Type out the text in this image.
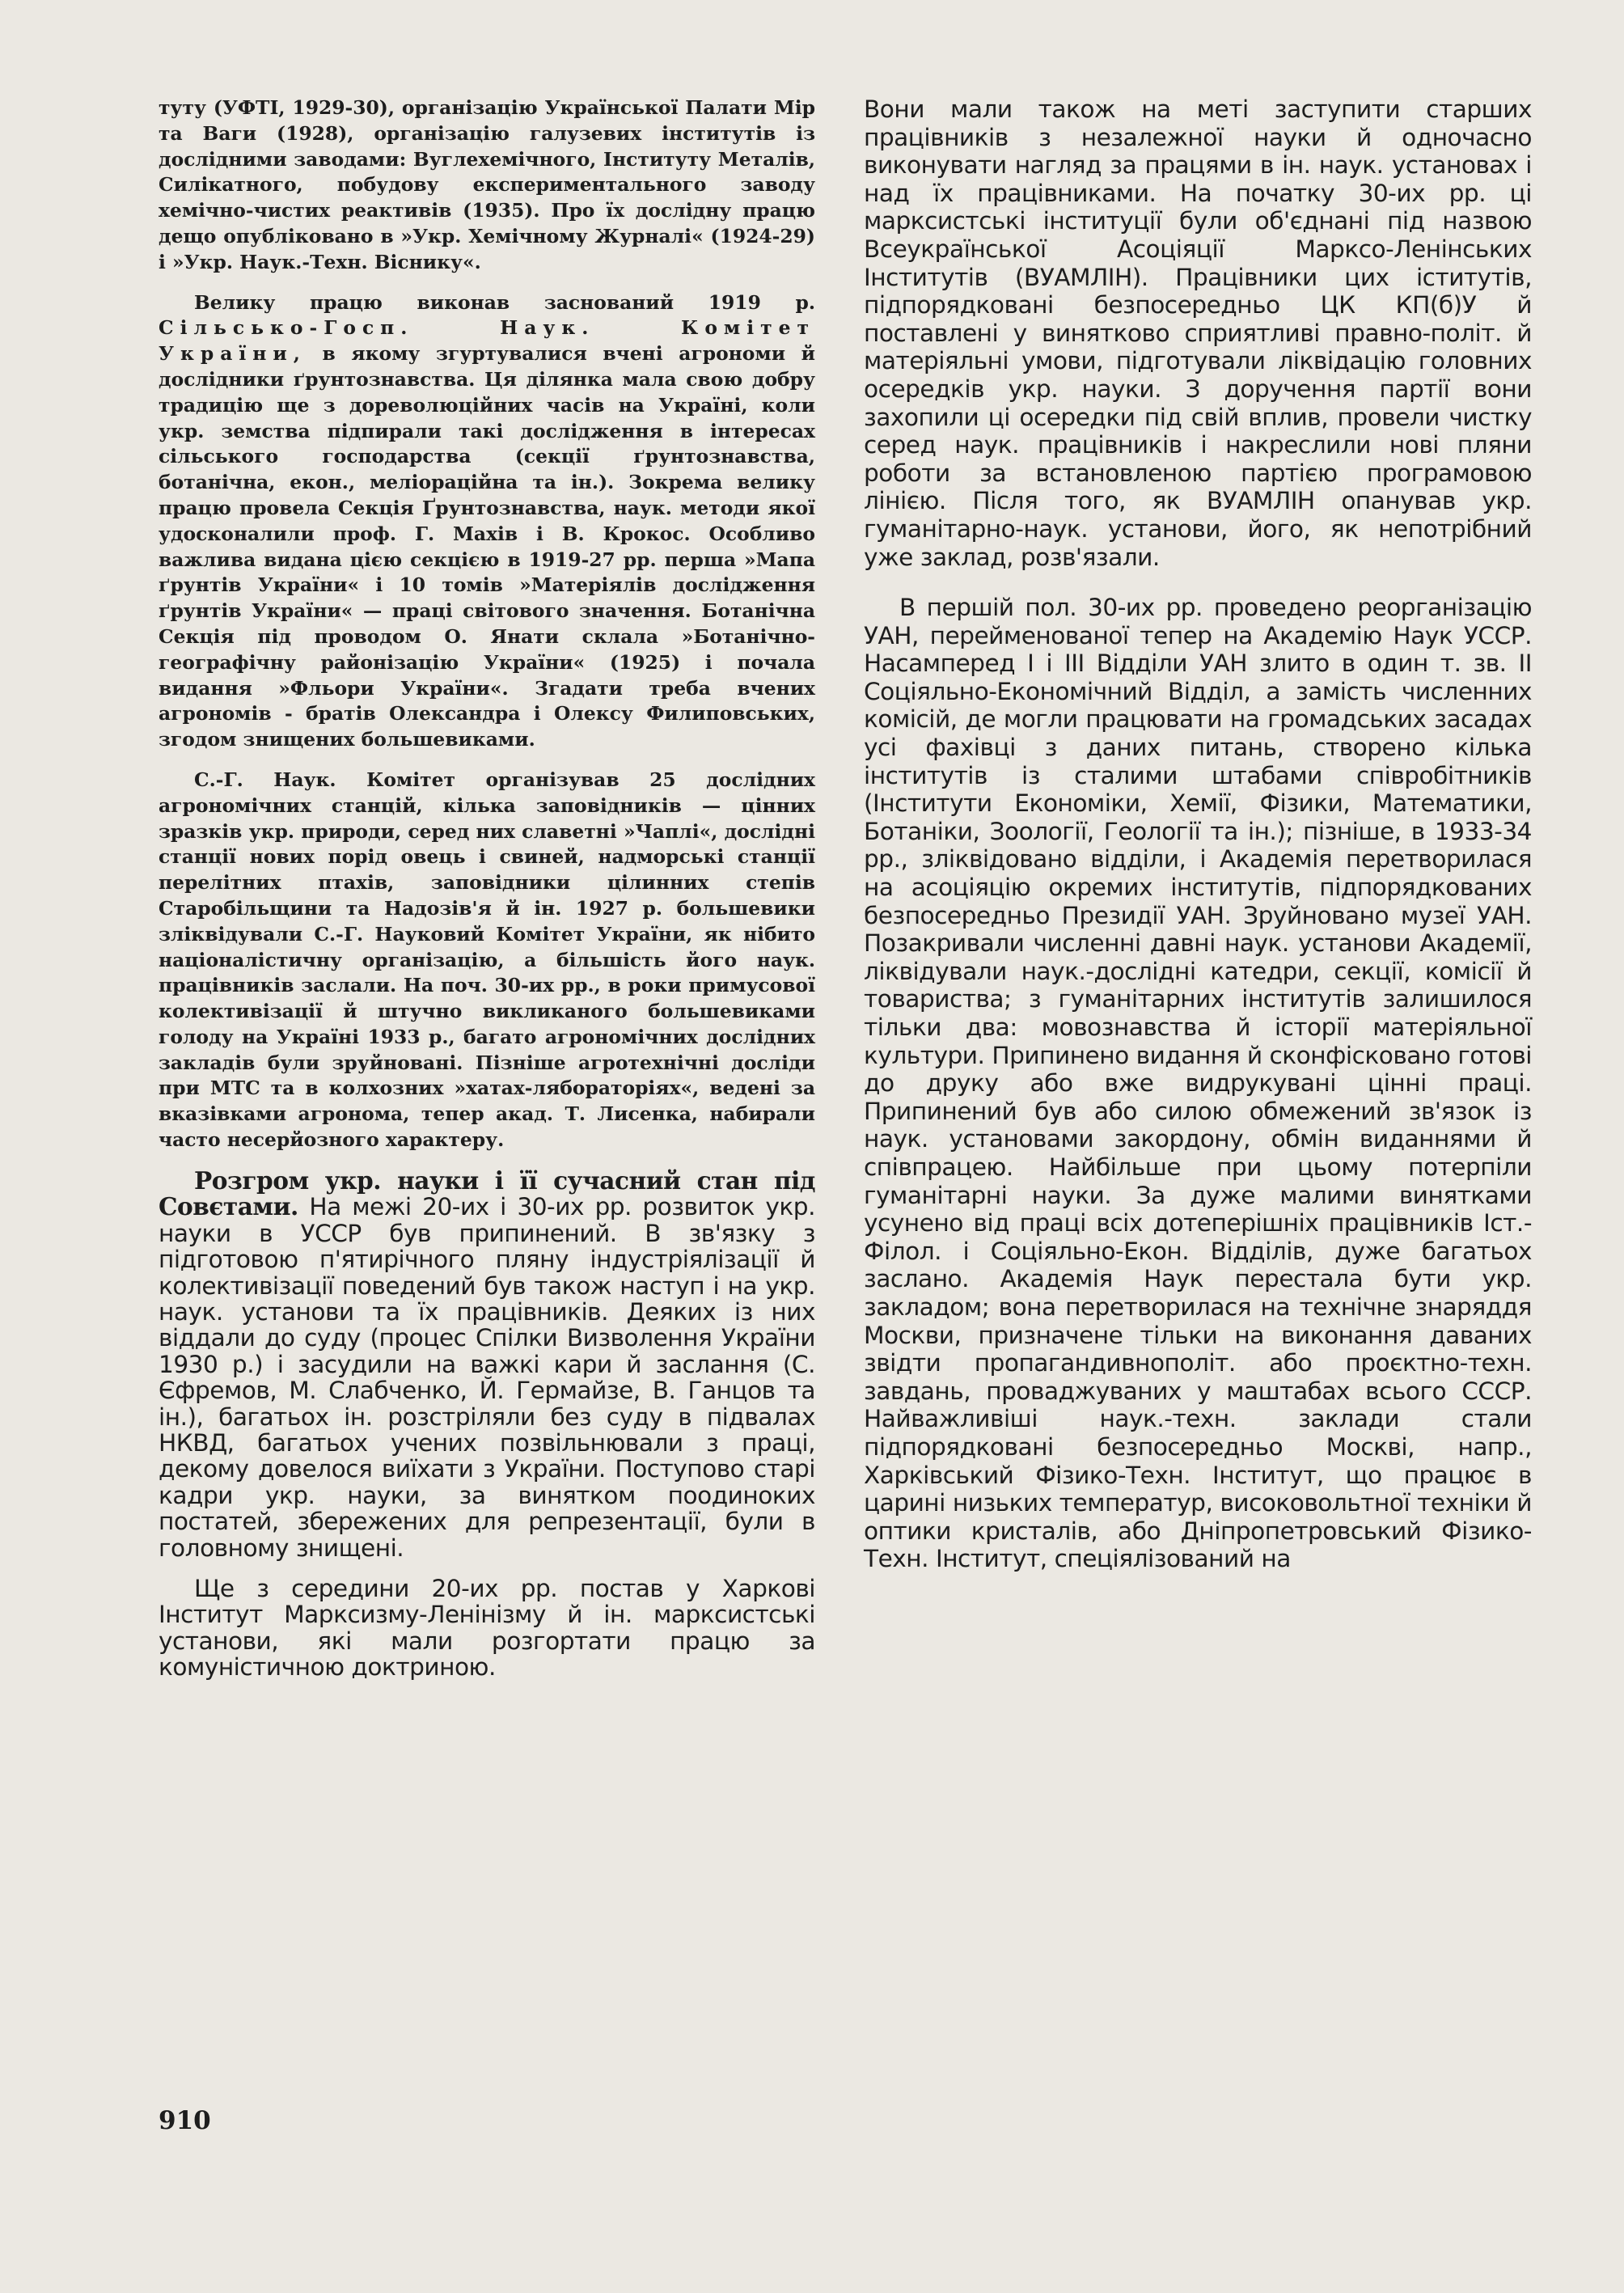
туту (УФТІ, 1929-30), організацію Української Палати Мір та Ваги (1928), організацію галузевих інститутів із дослідними заводами: Вуглехемічного, Інституту Металів, Силікатного, побудову експериментального заводу хемічно-чистих реактивів (1935). Про їх дослідну працю дещо опубліковано в »Укр. Хемічному Журналі« (1924-29) і »Укр. Наук.-Техн. Віснику«.

Велику працю виконав заснований 1919 р. Сільсько-Госп. Наук. Комітет України, в якому згуртувалися вчені агрономи й дослідники ґрунтознавства. Ця ділянка мала свою добру традицію ще з дореволюційних часів на Україні, коли укр. земства підпирали такі дослідження в інтересах сільського господарства (секції ґрунтознавства, ботанічна, екон., меліораційна та ін.). Зокрема велику працю провела Секція Ґрунтознавства, наук. методи якої удосконалили проф. Г. Махів і В. Крокос. Особливо важлива видана цією секцією в 1919-27 рр. перша »Мапа ґрунтів України« і 10 томів »Матеріялів дослідження ґрунтів України« — праці світового значення. Ботанічна Секція під проводом О. Янати склала »Ботанічно-географічну районізацію України« (1925) і почала видання »Фльори України«. Згадати треба вчених агрономів - братів Олександра і Олексу Филиповських, згодом знищених большевиками.

С.-Г. Наук. Комітет організував 25 дослідних агрономічних станцій, кілька заповідників — цінних зразків укр. природи, серед них славетні »Чаплі«, дослідні станції нових порід овець і свиней, надморські станції перелітних птахів, заповідники цілинних степів Старобільщини та Надозів'я й ін. 1927 р. большевики зліквідували С.-Г. Науковий Комітет України, як нібито націоналістичну організацію, а більшість його наук. працівників заслали. На поч. 30-их рр., в роки примусової колективізації й штучно викликаного большевиками голоду на Україні 1933 р., багато агрономічних дослідних закладів були зруйновані. Пізніше агротехнічні досліди при МТС та в колхозних »хатах-лябораторіях«, ведені за вказівками агронома, тепер акад. Т. Лисенка, набирали часто несерйозного характеру.

Розгром укр. науки і її сучасний стан під Совєтами. На межі 20-их і 30-их рр. розвиток укр. науки в УССР був припинений. В зв'язку з підготовою п'ятирічного пляну індустріялізації й колективізації поведений був також наступ і на укр. наук. установи та їх працівників. Деяких із них віддали до суду (процес Спілки Визволення України 1930 р.) і засудили на важкі кари й заслання (С. Єфремов, М. Слабченко, Й. Гермайзе, В. Ганцов та ін.), багатьох ін. розстріляли без суду в підвалах НКВД, багатьох учених позвільнювали з праці, декому довелося виїхати з України. Поступово старі кадри укр. науки, за винятком поодиноких постатей, збережених для репрезентації, були в головному знищені.

Ще з середини 20-их рр. постав у Харкові Інститут Марксизму-Ленінізму й ін. марксистські установи, які мали розгортати працю за комуністичною доктриною.

Вони мали також на меті заступити старших працівників з незалежної науки й одночасно виконувати нагляд за працями в ін. наук. установах і над їх працівниками. На початку 30-их рр. ці марксистські інституції були об'єднані під назвою Всеукраїнської Асоціяції Марксо-Ленінських Інститутів (ВУАМЛІН). Працівники цих іститутів, підпорядковані безпосередньо ЦК КП(б)У й поставлені у винятково сприятливі правно-політ. й матеріяльні умови, підготували ліквідацію головних осередків укр. науки. З доручення партії вони захопили ці осередки під свій вплив, провели чистку серед наук. працівників і накреслили нові пляни роботи за встановленою партією програмовою лінією. Після того, як ВУАМЛІН опанував укр. гуманітарно-наук. установи, його, як непотрібний уже заклад, розв'язали.

В першій пол. 30-их рр. проведено реорганізацію УАН, перейменованої тепер на Академію Наук УССР. Насамперед I і III Відділи УАН злито в один т. зв. II Соціяльно-Економічний Відділ, а замість численних комісій, де могли працювати на громадських засадах усі фахівці з даних питань, створено кілька інститутів із сталими штабами співробітників (Інститути Економіки, Хемії, Фізики, Математики, Ботаніки, Зоології, Геології та ін.); пізніше, в 1933-34 рр., зліквідовано відділи, і Академія перетворилася на асоціяцію окремих інститутів, підпорядкованих безпосередньо Президії УАН. Зруйновано музеї УАН. Позакривали численні давні наук. установи Академії, ліквідували наук.-дослідні катедри, секції, комісії й товариства; з гуманітарних інститутів залишилося тільки два: мовознавства й історії матеріяльної культури. Припинено видання й сконфісковано готові до друку або вже видрукувані цінні праці. Припинений був або силою обмежений зв'язок із наук. установами закордону, обмін виданнями й співпрацею. Найбільше при цьому потерпіли гуманітарні науки. За дуже малими винятками усунено від праці всіх дотеперішніх працівників Іст.-Філол. і Соціяльно-Екон. Відділів, дуже багатьох заслано. Академія Наук перестала бути укр. закладом; вона перетворилася на технічне знаряддя Москви, призначене тільки на виконання даваних звідти пропагандивнополіт. або проєктно-техн. завдань, проваджуваних у маштабах всього СССР. Найважливіші наук.-техн. заклади стали підпорядковані безпосередньо Москві, напр., Харківський Фізико-Техн. Інститут, що працює в царині низьких температур, високовольтної техніки й оптики кристалів, або Дніпропетровський Фізико-Техн. Інститут, спеціялізований на

910
